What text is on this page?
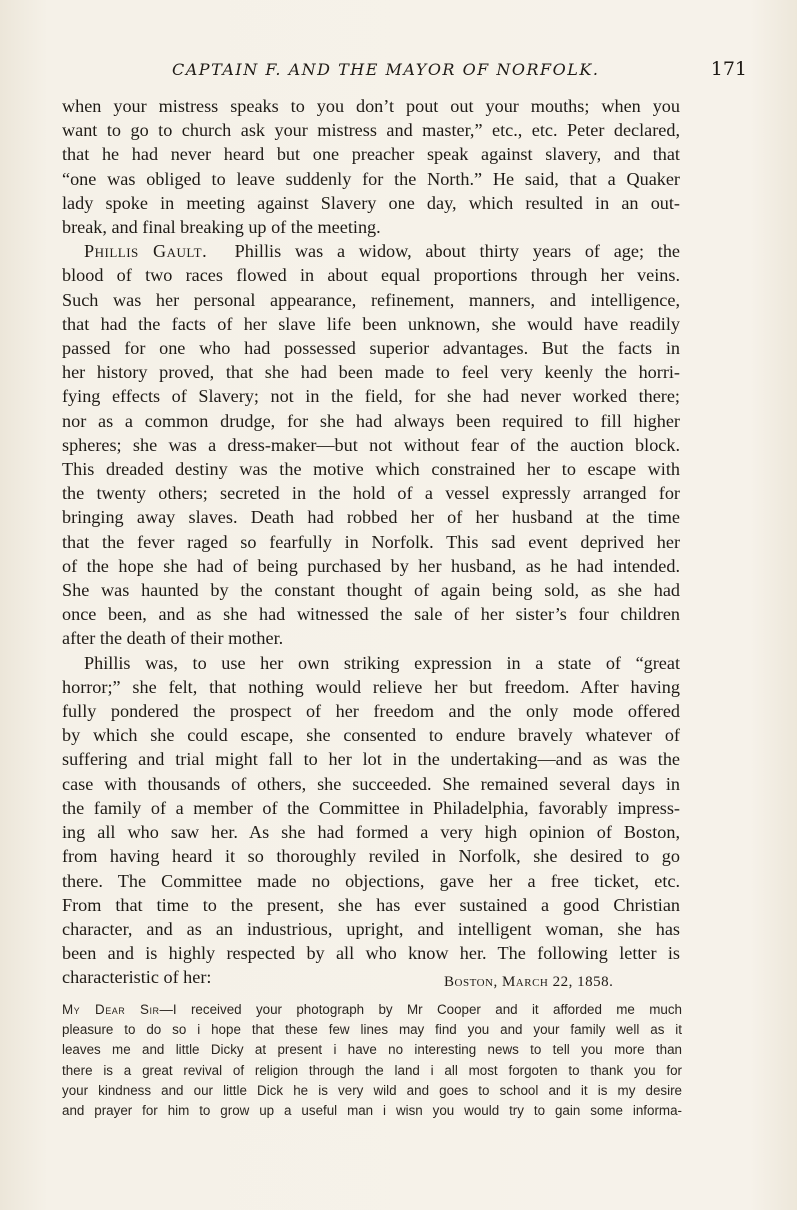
CAPTAIN F. AND THE MAYOR OF NORFOLK.	171
when your mistress speaks to you don’t pout out your mouths; when you
want to go to church ask your mistress and master,” etc., etc. Peter declared,
that he had never heard but one preacher speak against slavery, and that
“one was obliged to leave suddenly for the North.” He said, that a Quaker
lady spoke in meeting against Slavery one day, which resulted in an out-
break, and final breaking up of the meeting.
Phillis Gault. Phillis was a widow, about thirty years of age; the
blood of two races flowed in about equal proportions through her veins.
Such was her personal appearance, refinement, manners, and intelligence,
that had the facts of her slave life been unknown, she would have readily
passed for one who had possessed superior advantages. But the facts in
her history proved, that she had been made to feel very keenly the horri-
fying effects of Slavery; not in the field, for she had never worked there;
nor as a common drudge, for she had always been required to fill higher
spheres; she was a dress-maker—but not without fear of the auction block.
This dreaded destiny was the motive which constrained her to escape with
the twenty others; secreted in the hold of a vessel expressly arranged for
bringing away slaves. Death had robbed her of her husband at the time
that the fever raged so fearfully in Norfolk. This sad event deprived her
of the hope she had of being purchased by her husband, as he had intended.
She was haunted by the constant thought of again being sold, as she had
once been, and as she had witnessed the sale of her sister’s four children
after the death of their mother.
Phillis was, to use her own striking expression in a state of “great
horror;” she felt, that nothing would relieve her but freedom. After having
fully pondered the prospect of her freedom and the only mode offered
by which she could escape, she consented to endure bravely whatever of
suffering and trial might fall to her lot in the undertaking—and as was the
case with thousands of others, she succeeded. She remained several days in
the family of a member of the Committee in Philadelphia, favorably impress-
ing all who saw her. As she had formed a very high opinion of Boston,
from having heard it so thoroughly reviled in Norfolk, she desired to go
there. The Committee made no objections, gave her a free ticket, etc.
From that time to the present, she has ever sustained a good Christian
character, and as an industrious, upright, and intelligent woman, she has
been and is highly respected by all who know her. The following letter is
characteristic of her:	Boston, March 22, 1858.
My Dear Sir—I received your photograph by Mr Cooper and it afforded me much
pleasure to do so i hope that these few lines may find you and your family well as it
leaves me and little Dicky at present i have no interesting news to tell you more than
there is a great revival of religion through the land i all most forgoten to thank you for
your kindness and our little Dick he is very wild and goes to school and it is my desire
and prayer for him to grow up a useful man i wisn you would try to gain some informa-
